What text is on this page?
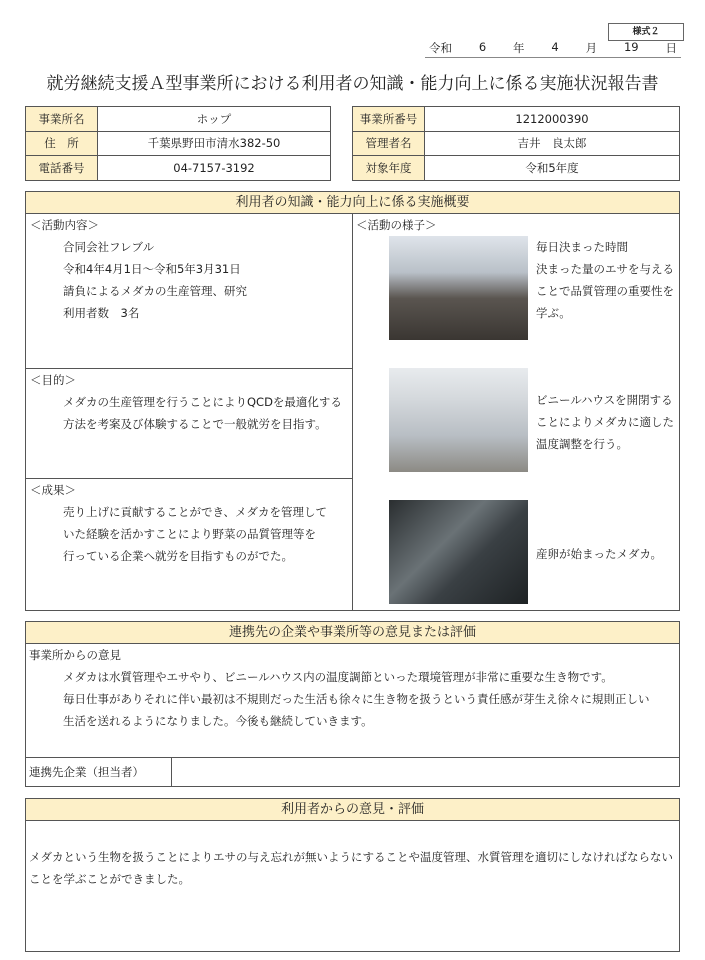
様式２
令和 6 年 4 月 19 日
就労継続支援Ａ型事業所における利用者の知識・能力向上に係る実施状況報告書
事業所名	ホップ
住　所	千葉県野田市清水382-50
電話番号	04-7157-3192
事業所番号	1212000390
管理者名	吉井　良太郎
対象年度	令和5年度
利用者の知識・能力向上に係る実施概要
＜活動内容＞
合同会社フレブル
令和4年4月1日～令和5年3月31日
請負によるメダカの生産管理、研究
利用者数　3名
＜目的＞
メダカの生産管理を行うことによりQCDを最適化する
方法を考案及び体験することで一般就労を目指す。
＜成果＞
売り上げに貢献することができ、メダカを管理して
いた経験を活かすことにより野菜の品質管理等を
行っている企業へ就労を目指すものがでた。
＜活動の様子＞
毎日決まった時間
決まった量のエサを与える
ことで品質管理の重要性を
学ぶ。
ビニールハウスを開閉する
ことによりメダカに適した
温度調整を行う。
産卵が始まったメダカ。
連携先の企業や事業所等の意見または評価
事業所からの意見
メダカは水質管理やエサやり、ビニールハウス内の温度調節といった環境管理が非常に重要な生き物です。
毎日仕事がありそれに伴い最初は不規則だった生活も徐々に生き物を扱うという責任感が芽生え徐々に規則正しい
生活を送れるようになりました。今後も継続していきます。
連携先企業（担当者）
利用者からの意見・評価
メダカという生物を扱うことによりエサの与え忘れが無いようにすることや温度管理、水質管理を適切にしなければならない
ことを学ぶことができました。
